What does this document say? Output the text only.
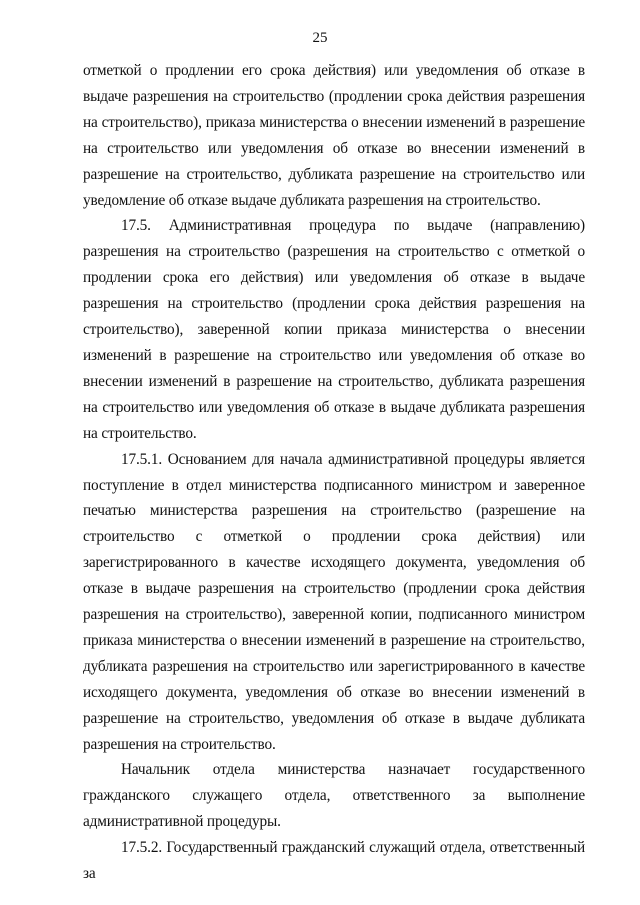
25

отметкой о продлении его срока действия) или уведомления об отказе в выдаче разрешения на строительство (продлении срока действия разрешения на строительство), приказа министерства о внесении изменений в разрешение на строительство или уведомления об отказе во внесении изменений в разрешение на строительство, дубликата разрешение на строительство или уведомление об отказе выдаче дубликата разрешения на строительство.

17.5. Административная процедура по выдаче (направлению) разрешения на строительство (разрешения на строительство с отметкой о продлении срока его действия) или уведомления об отказе в выдаче разрешения на строительство (продлении срока действия разрешения на строительство), заверенной копии приказа министерства о внесении изменений в разрешение на строительство или уведомления об отказе во внесении изменений в разрешение на строительство, дубликата разрешения на строительство или уведомления об отказе в выдаче дубликата разрешения на строительство.

17.5.1. Основанием для начала административной процедуры является поступление в отдел министерства подписанного министром и заверенное печатью министерства разрешения на строительство (разрешение на строительство с отметкой о продлении срока действия) или зарегистрированного в качестве исходящего документа, уведомления об отказе в выдаче разрешения на строительство (продлении срока действия разрешения на строительство), заверенной копии, подписанного министром приказа министерства о внесении изменений в разрешение на строительство, дубликата разрешения на строительство или зарегистрированного в качестве исходящего документа, уведомления об отказе во внесении изменений в разрешение на строительство, уведомления об отказе в выдаче дубликата разрешения на строительство.

Начальник отдела министерства назначает государственного гражданского служащего отдела, ответственного за выполнение административной процедуры.

17.5.2. Государственный гражданский служащий отдела, ответственный за
